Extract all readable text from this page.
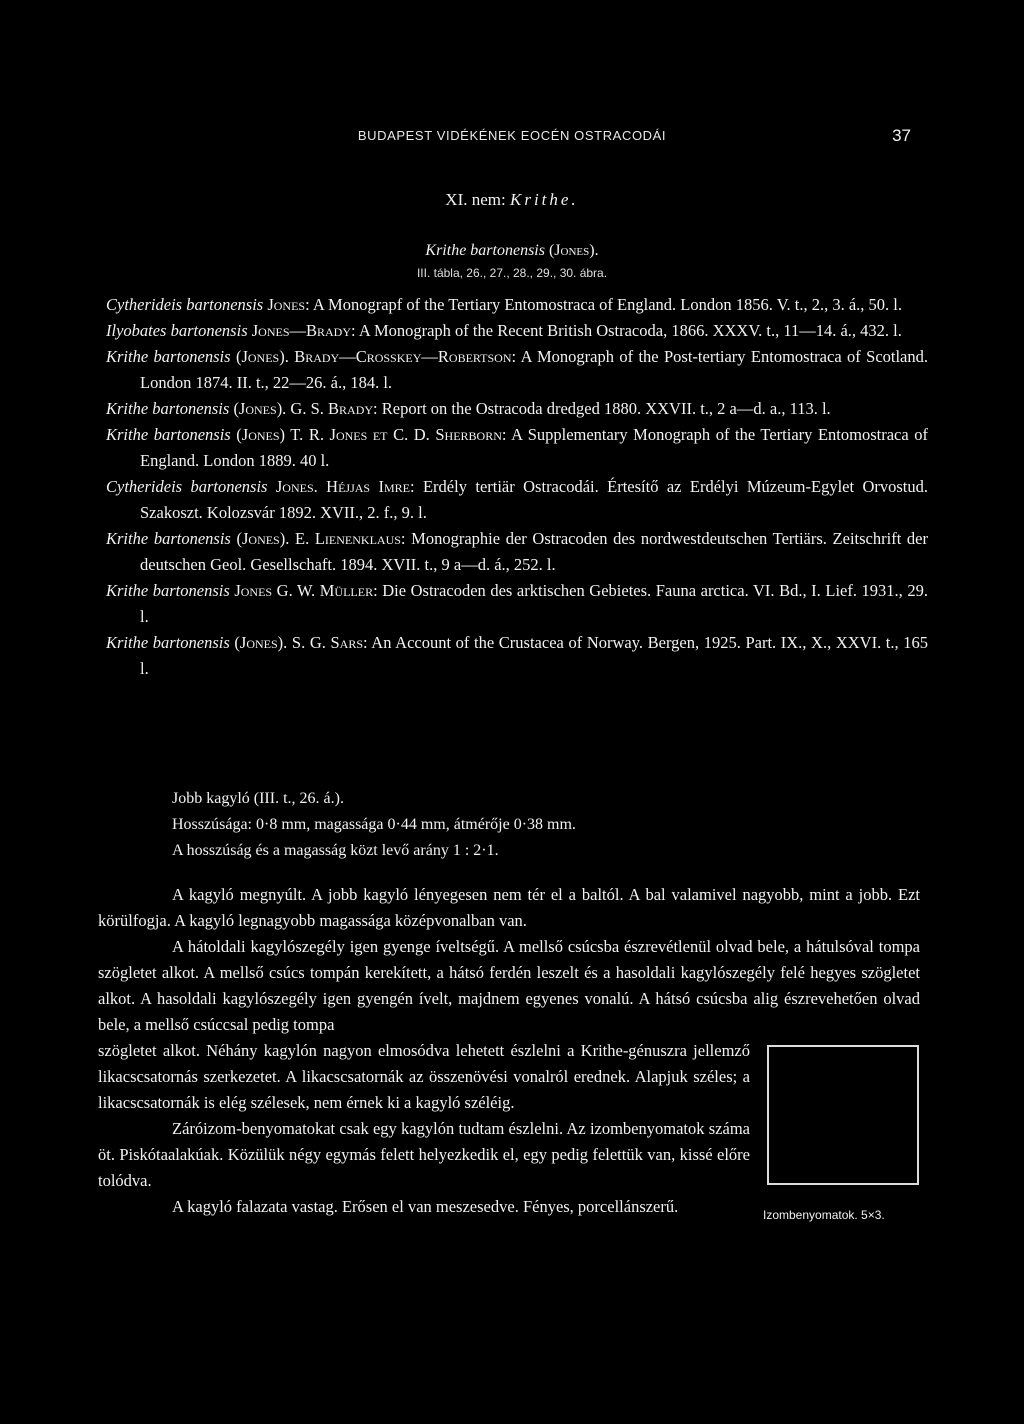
BUDAPEST VIDÉKÉNEK EOCÉN OSTRACODÁI	37
XI. nem: Krithe.
Krithe bartonensis (Jones).
III. tábla, 26., 27., 28., 29., 30. ábra.

Cytherideis bartonensis Jones: A Monograpf of the Tertiary Entomostraca of England. London 1856. V. t., 2., 3. á., 50. l.

Ilyobates bartonensis Jones—Brady: A Monograph of the Recent British Ostracoda, 1866. XXXV. t., 11—14. á., 432. l.

Krithe bartonensis (Jones). Brady—Crosskey—Robertson: A Monograph of the Post-tertiary Entomostraca of Scotland. London 1874. II. t., 22—26. á., 184. l.

Krithe bartonensis (Jones). G. S. Brady: Report on the Ostracoda dredged 1880. XXVII. t., 2 a—d. a., 113. l.

Krithe bartonensis (Jones) T. R. Jones et C. D. Sherborn: A Supplementary Monograph of the Tertiary Entomostraca of England. London 1889. 40 l.

Cytherideis bartonensis Jones. Héjjas Imre: Erdély tertiär Ostracodái. Értesítő az Erdélyi Múzeum-Egylet Orvostud. Szakoszt. Kolozsvár 1892. XVII., 2. f., 9. l.

Krithe bartonensis (Jones). E. Lienenklaus: Monographie der Ostracoden des nordwestdeutschen Tertiärs. Zeitschrift der deutschen Geol. Gesellschaft. 1894. XVII. t., 9 a—d. á., 252. l.

Krithe bartonensis Jones G. W. Müller: Die Ostracoden des arktischen Gebietes. Fauna arctica. VI. Bd., I. Lief. 1931., 29. l.

Krithe bartonensis (Jones). S. G. Sars: An Account of the Crustacea of Norway. Bergen, 1925. Part. IX., X., XXVI. t., 165 l.

Jobb kagyló (III. t., 26. á.).

Hosszúsága: 0·8 mm, magassága 0·44 mm, átmérője 0·38 mm.

A hosszúság és a magasság közt levő arány 1 : 2·1.

A kagyló megnyúlt. A jobb kagyló lényegesen nem tér el a baltól. A bal valamivel nagyobb, mint a jobb. Ezt körülfogja. A kagyló legnagyobb magassága középvonalban van.

A hátoldali kagylószegély igen gyenge íveltségű. A mellső csúcsba észrevétlenül olvad bele, a hátulsóval tompa szögletet alkot. A mellső csúcs tompán kerekített, a hátsó ferdén leszelt és a hasoldali kagylószegély felé hegyes szögletet alkot. A hasoldali kagylószegély igen gyengén ívelt, majdnem egyenes vonalú. A hátsó csúcsba alig észrevehetően olvad bele, a mellső csúccsal pedig tompa

szögletet alkot. Néhány kagylón nagyon elmosódva lehetett észlelni a Krithe-génuszra jellemző likacscsatornás szerkezetet. A likacscsatornák az összenövési vonalról erednek. Alapjuk széles; a likacscsatornák is elég szélesek, nem érnek ki a kagyló széléig.

Záróizom-benyomatokat csak egy kagylón tudtam észlelni. Az izombenyomatok száma öt. Piskótaalakúak. Közülük négy egymás felett helyezkedik el, egy pedig felettük van, kissé előre tolódva.

A kagyló falazata vastag. Erősen el van meszesedve. Fényes, porcellánszerű.	Izombenyomatok. 5×3.
